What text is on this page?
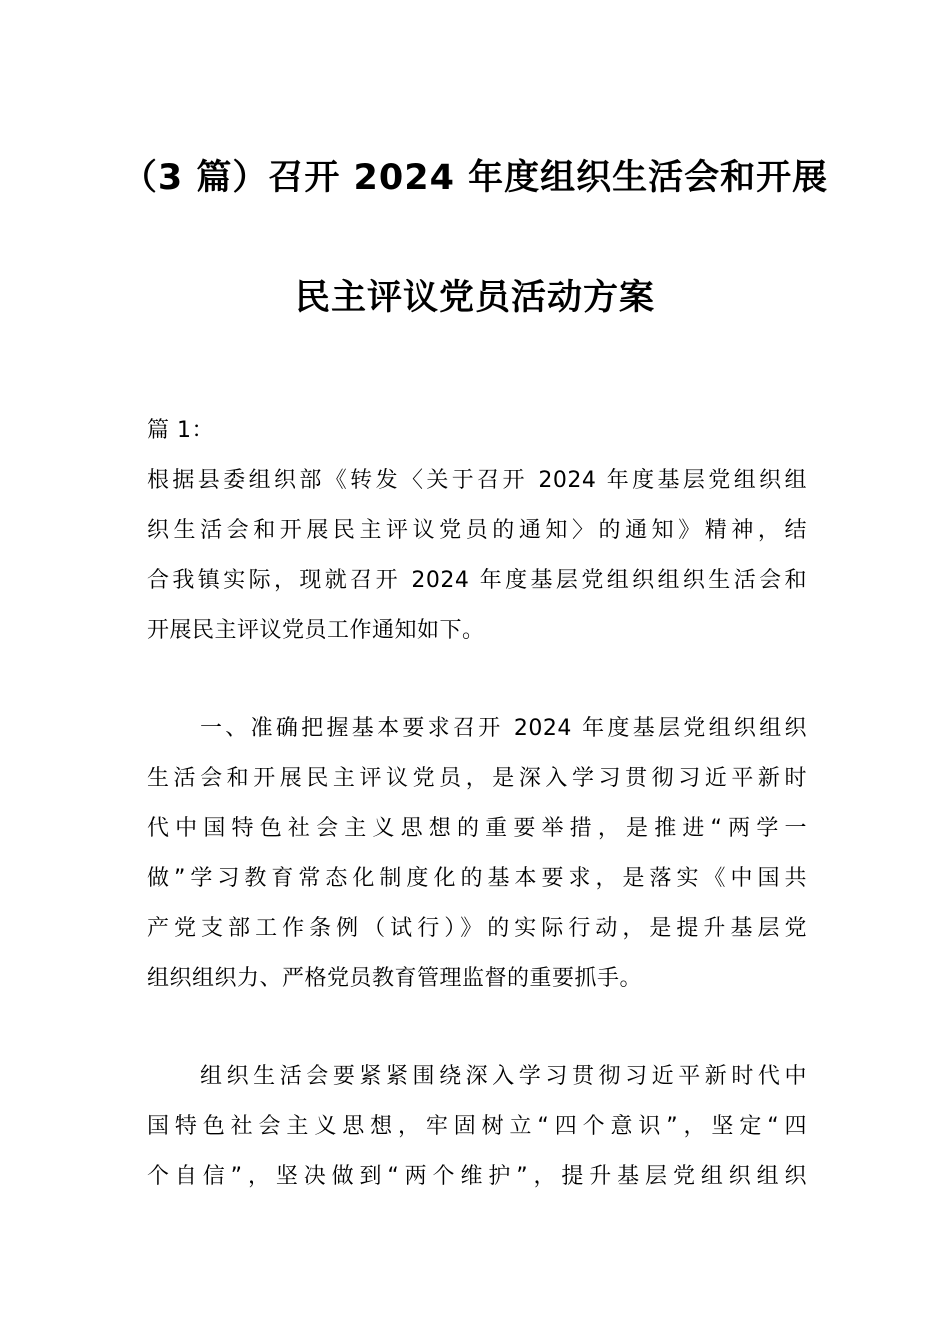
（3 篇）召开 2024 年度组织生活会和开展
民主评议党员活动方案
篇 1：
根据县委组织部《转发〈关于召开 2024 年度基层党组织组
织生活会和开展民主评议党员的通知〉的通知》精神，结
合我镇实际，现就召开 2024 年度基层党组织组织生活会和
开展民主评议党员工作通知如下。
一、准确把握基本要求召开 2024 年度基层党组织组织
生活会和开展民主评议党员，是深入学习贯彻习近平新时
代中国特色社会主义思想的重要举措，是推进“两学一
做”学习教育常态化制度化的基本要求，是落实《中国共
产党支部工作条例（试行）》的实际行动，是提升基层党
组织组织力、严格党员教育管理监督的重要抓手。
组织生活会要紧紧围绕深入学习贯彻习近平新时代中
国特色社会主义思想，牢固树立“四个意识”，坚定“四
个自信”，坚决做到“两个维护”，提升基层党组织组织
